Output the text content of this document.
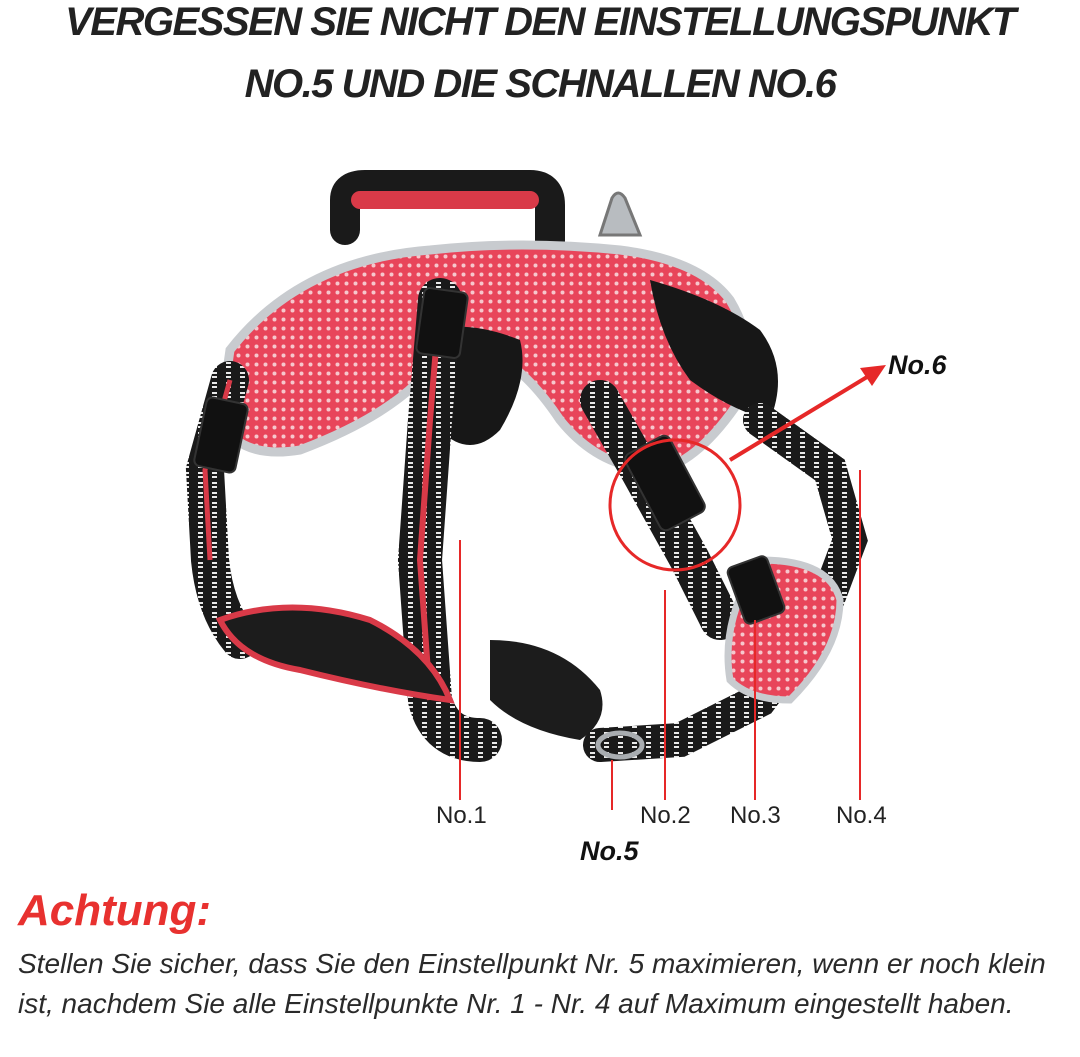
VERGESSEN SIE NICHT DEN EINSTELLUNGSPUNKT
NO.5 UND DIE SCHNALLEN NO.6
No.6
No.1	No.2 No.3 No.4
No.5
Achtung:
Stellen Sie sicher, dass Sie den Einstellpunkt Nr. 5 maximieren, wenn er noch klein ist, nachdem Sie alle Einstellpunkte Nr. 1 - Nr. 4 auf Maximum eingestellt haben.
